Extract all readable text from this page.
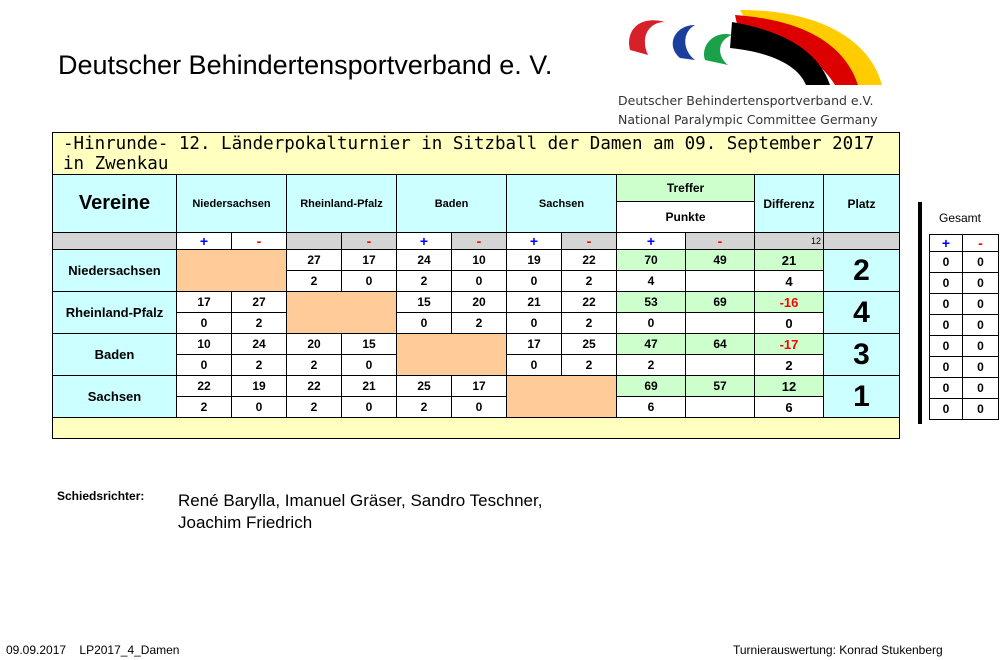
Deutscher Behindertensportverband e. V.
Deutscher Behindertensportverband e.V.
National Paralympic Committee Germany
-Hinrunde- 12. Länderpokalturnier in Sitzball der Damen am 09. September 2017 in Zwenkau												
Vereine	Niedersachsen		Rheinland-Pfalz		Baden		Sachsen		Treffer		Differenz	Platz
									Punkte			
	+	-		-	+	-	+	-	+	-	12	
Niedersachsen			27	17	24	10	19	22	70	49	21	2
			2	0	2	0	0	2	4		4	
Rheinland-Pfalz	17	27			15	20	21	22	53	69	-16	4
	0	2			0	2	0	2	0		0	
Baden	10	24	20	15			17	25	47	64	-17	3
	0	2	2	0			0	2	2		2	
Sachsen	22	19	22	21	25	17			69	57	12	1
	2	0	2	0	2	0			6		6	

Gesamt
+	-
0	0
0	0
0	0
0	0
0	0
0	0
0	0
0	0
Schiedsrichter: René Barylla, Imanuel Gräser, Sandro Teschner,
Joachim Friedrich
09.09.2017 LP2017_4_Damen	Turnierauswertung: Konrad Stukenberg
